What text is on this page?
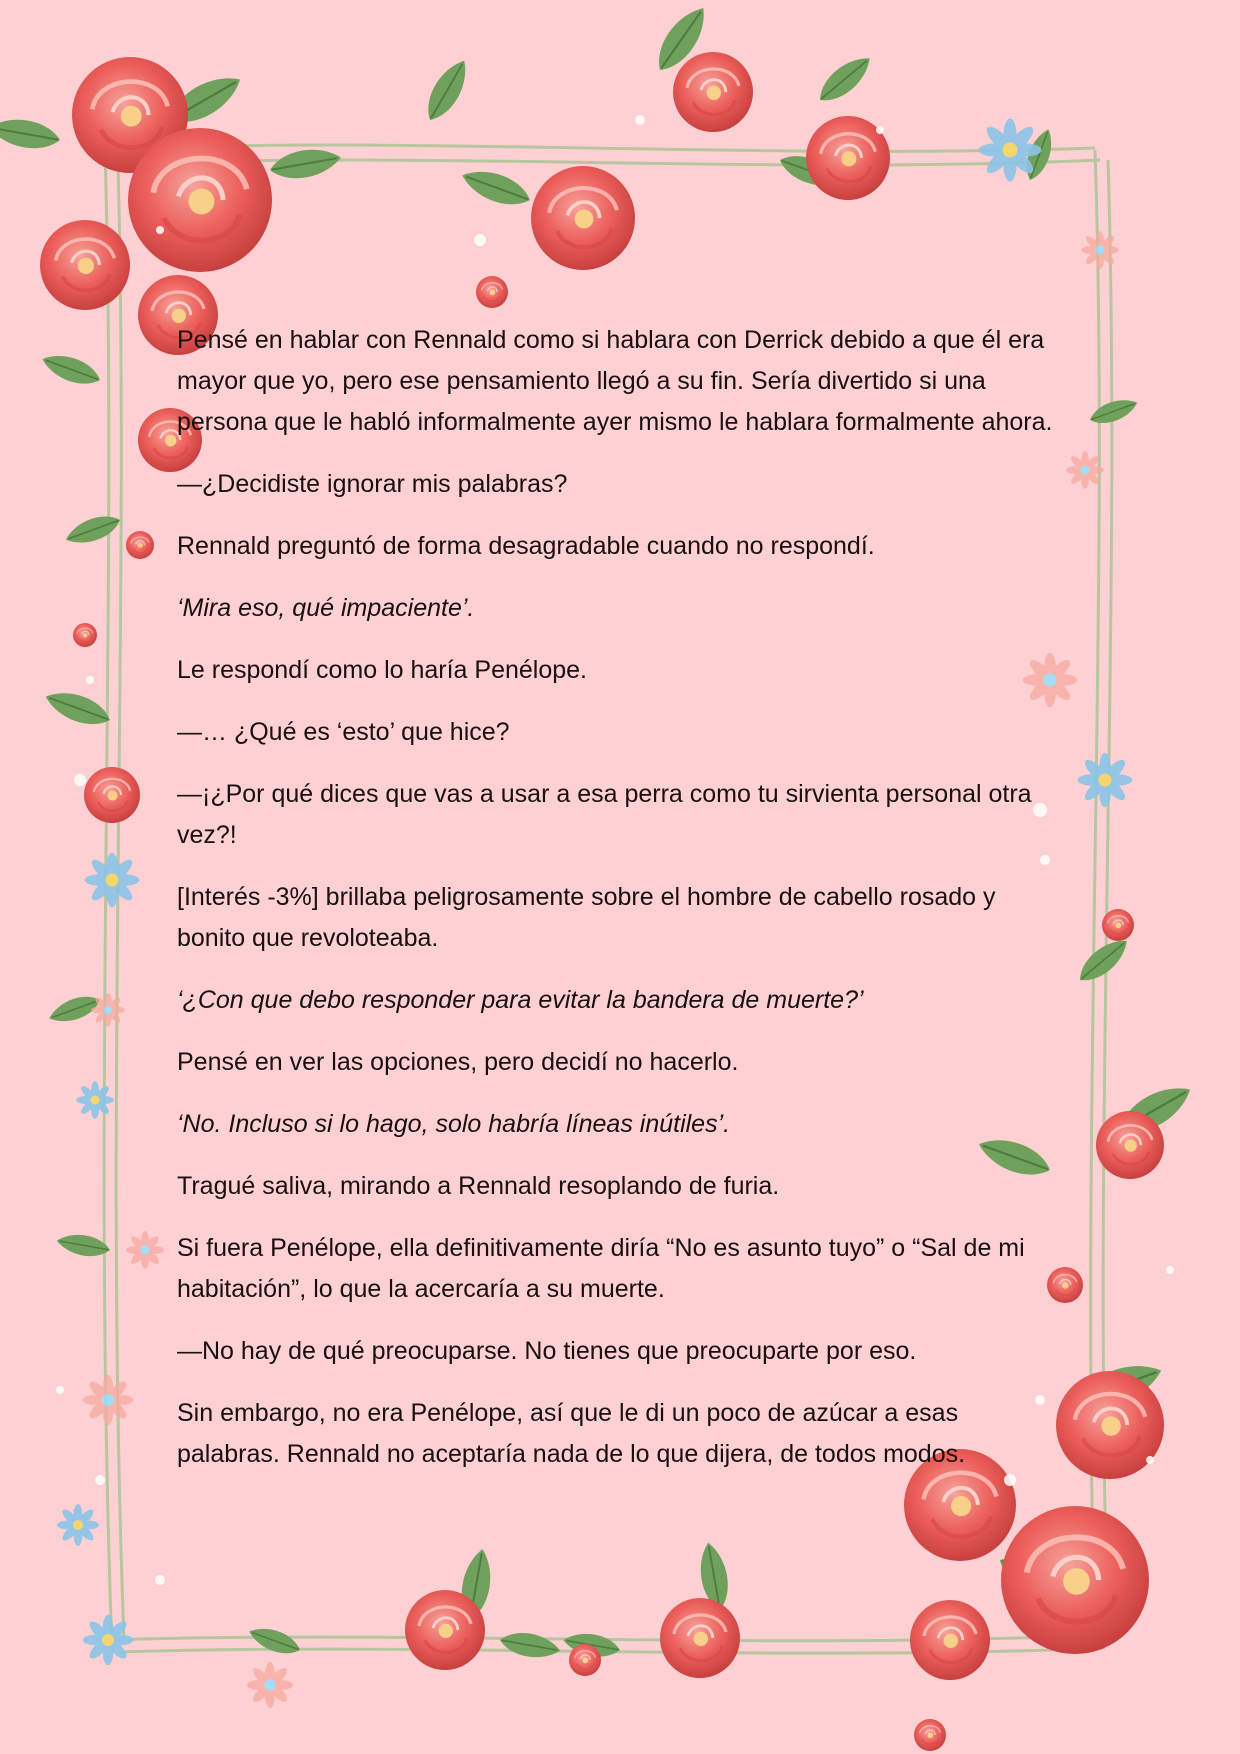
Pensé en hablar con Rennald como si hablara con Derrick debido a que él era mayor que yo, pero ese pensamiento llegó a su fin. Sería divertido si una persona que le habló informalmente ayer mismo le hablara formalmente ahora.

—¿Decidiste ignorar mis palabras?

Rennald preguntó de forma desagradable cuando no respondí.

‘Mira eso, qué impaciente’.

Le respondí como lo haría Penélope.

—… ¿Qué es ‘esto’ que hice?

—¡¿Por qué dices que vas a usar a esa perra como tu sirvienta personal otra vez?!

[Interés -3%] brillaba peligrosamente sobre el hombre de cabello rosado y bonito que revoloteaba.

‘¿Con que debo responder para evitar la bandera de muerte?’

Pensé en ver las opciones, pero decidí no hacerlo.

‘No. Incluso si lo hago, solo habría líneas inútiles’.

Tragué saliva, mirando a Rennald resoplando de furia.

Si fuera Penélope, ella definitivamente diría “No es asunto tuyo” o “Sal de mi habitación”, lo que la acercaría a su muerte.

—No hay de qué preocuparse. No tienes que preocuparte por eso.

Sin embargo, no era Penélope, así que le di un poco de azúcar a esas palabras. Rennald no aceptaría nada de lo que dijera, de todos modos.
